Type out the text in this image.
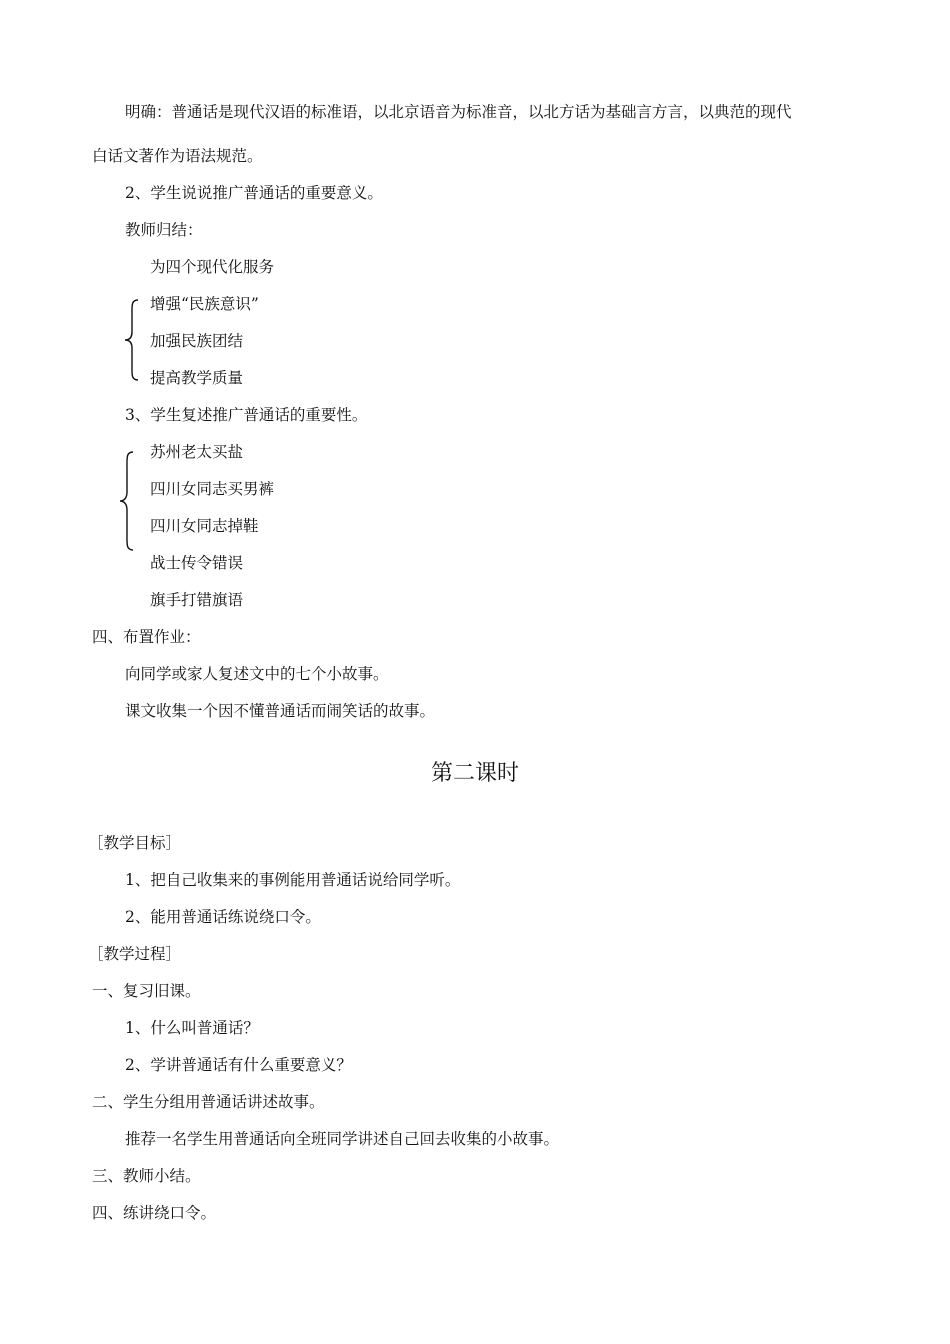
明确：普通话是现代汉语的标准语，以北京语音为标准音，以北方话为基础言方言，以典范的现代
白话文著作为语法规范。
2、学生说说推广普通话的重要意义。
教师归结：
为四个现代化服务
增强“民族意识”
加强民族团结
提高教学质量
3、学生复述推广普通话的重要性。
苏州老太买盐
四川女同志买男裤
四川女同志掉鞋
战士传令错误
旗手打错旗语
四、布置作业：
向同学或家人复述文中的七个小故事。
课文收集一个因不懂普通话而闹笑话的故事。
第二课时
［教学目标］
1、把自己收集来的事例能用普通话说给同学听。
2、能用普通话练说绕口令。
［教学过程］
一、复习旧课。
1、什么叫普通话？
2、学讲普通话有什么重要意义？
二、学生分组用普通话讲述故事。
推荐一名学生用普通话向全班同学讲述自己回去收集的小故事。
三、教师小结。
四、练讲绕口令。
